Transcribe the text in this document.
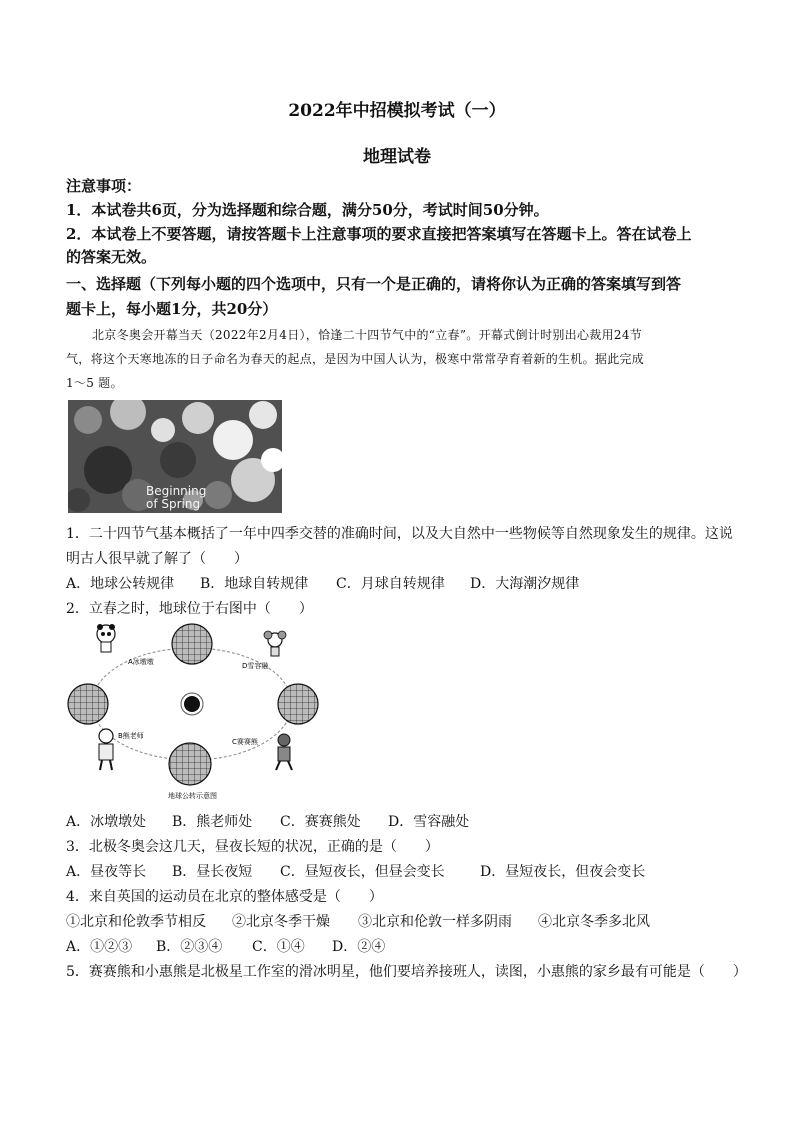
2022年中招模拟考试（一）
地理试卷
注意事项：
1．本试卷共6页，分为选择题和综合题，满分50分，考试时间50分钟。
2．本试卷上不要答题，请按答题卡上注意事项的要求直接把答案填写在答题卡上。答在试卷上
的答案无效。
一、选择题（下列每小题的四个选项中，只有一个是正确的，请将你认为正确的答案填写到答
题卡上，每小题1分，共20分）
北京冬奥会开幕当天（2022年2月4日），恰逢二十四节气中的“立春”。开幕式倒计时别出心裁用24节
气，将这个天寒地冻的日子命名为春天的起点，是因为中国人认为，极寒中常常孕育着新的生机。据此完成
1～5 题。
Beginning
of Spring
1．二十四节气基本概括了一年中四季交替的准确时间，以及大自然中一些物候等自然现象发生的规律。这说
明古人很早就了解了（　　）
A．地球公转规律 B．地球自转规律 C．月球自转规律 D．大海潮汐规律
2．立春之时，地球位于右图中（　　）
A冰墩墩	D雪容融
B熊老师
C赛赛熊
地球公转示意图
A．冰墩墩处 B．熊老师处 C．赛赛熊处 D．雪容融处
3．北极冬奥会这几天，昼夜长短的状况，正确的是（　　）
A．昼夜等长 B．昼长夜短 C．昼短夜长，但昼会变长	D．昼短夜长，但夜会变长
4．来自英国的运动员在北京的整体感受是（　　）
①北京和伦敦季节相反 ②北京冬季干燥 ③北京和伦敦一样多阴雨 ④北京冬季多北风
A．①②③ B．②③④ C．①④ D．②④
5．赛赛熊和小惠熊是北极星工作室的滑冰明星，他们要培养接班人，读图，小惠熊的家乡最有可能是（　　）
